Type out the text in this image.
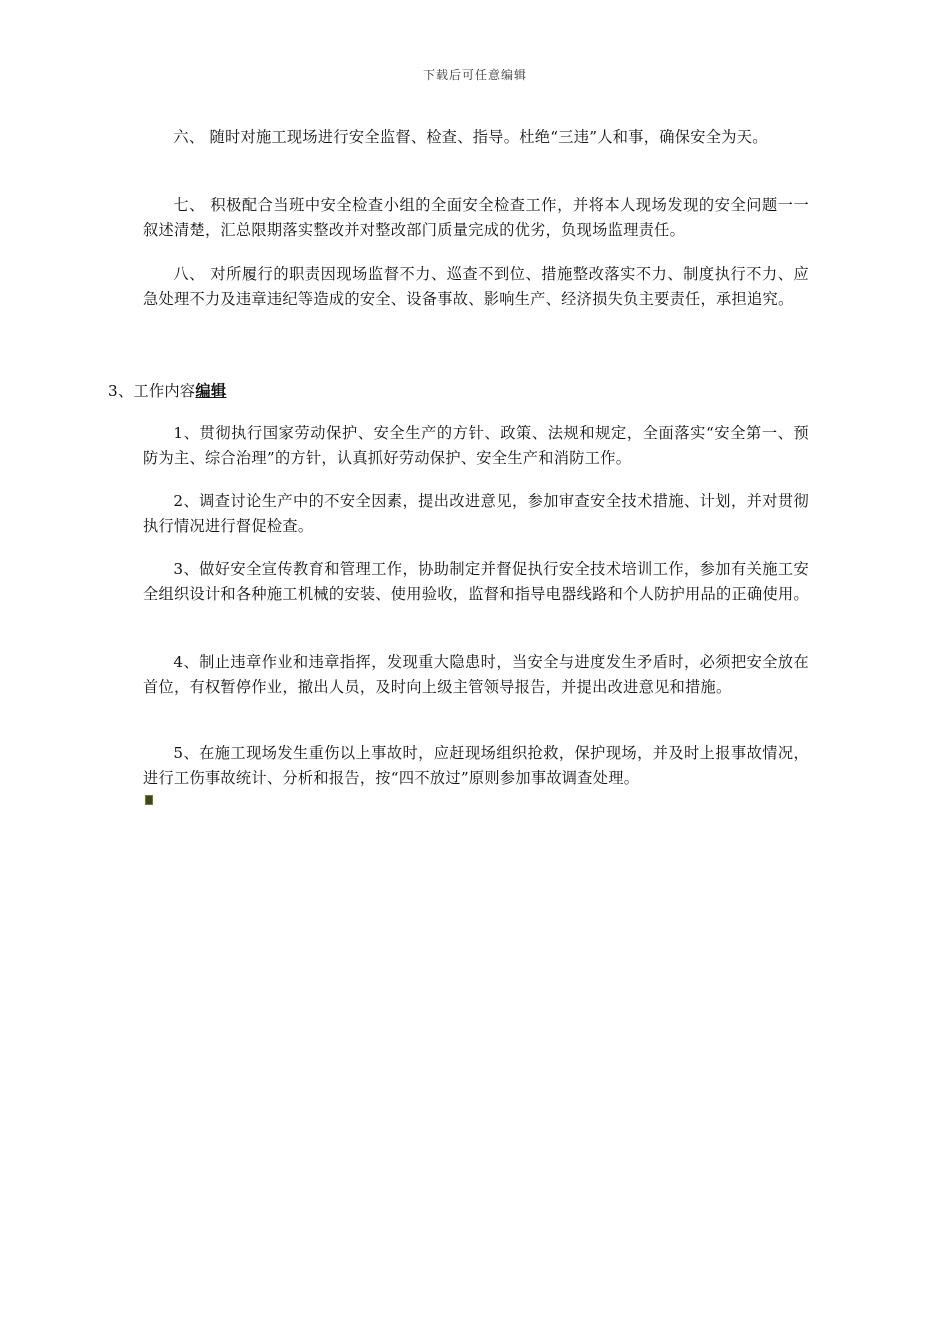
下载后可任意编辑

六、 随时对施工现场进行安全监督、检查、指导。杜绝“三违”人和事，确保安全为天。

七、 积极配合当班中安全检查小组的全面安全检查工作，并将本人现场发现的安全问题一一叙述清楚，汇总限期落实整改并对整改部门质量完成的优劣，负现场监理责任。

八、 对所履行的职责因现场监督不力、巡查不到位、措施整改落实不力、制度执行不力、应急处理不力及违章违纪等造成的安全、设备事故、影响生产、经济损失负主要责任，承担追究。

3、工作内容编辑

1、贯彻执行国家劳动保护、安全生产的方针、政策、法规和规定，全面落实“安全第一、预防为主、综合治理”的方针，认真抓好劳动保护、安全生产和消防工作。

2、调查讨论生产中的不安全因素，提出改进意见，参加审查安全技术措施、计划，并对贯彻执行情况进行督促检查。

3、做好安全宣传教育和管理工作，协助制定并督促执行安全技术培训工作，参加有关施工安全组织设计和各种施工机械的安装、使用验收，监督和指导电器线路和个人防护用品的正确使用。

4、制止违章作业和违章指挥，发现重大隐患时，当安全与进度发生矛盾时，必须把安全放在首位，有权暂停作业，撤出人员，及时向上级主管领导报告，并提出改进意见和措施。

5、在施工现场发生重伤以上事故时，应赶现场组织抢救，保护现场，并及时上报事故情况，进行工伤事故统计、分析和报告，按“四不放过”原则参加事故调查处理。
